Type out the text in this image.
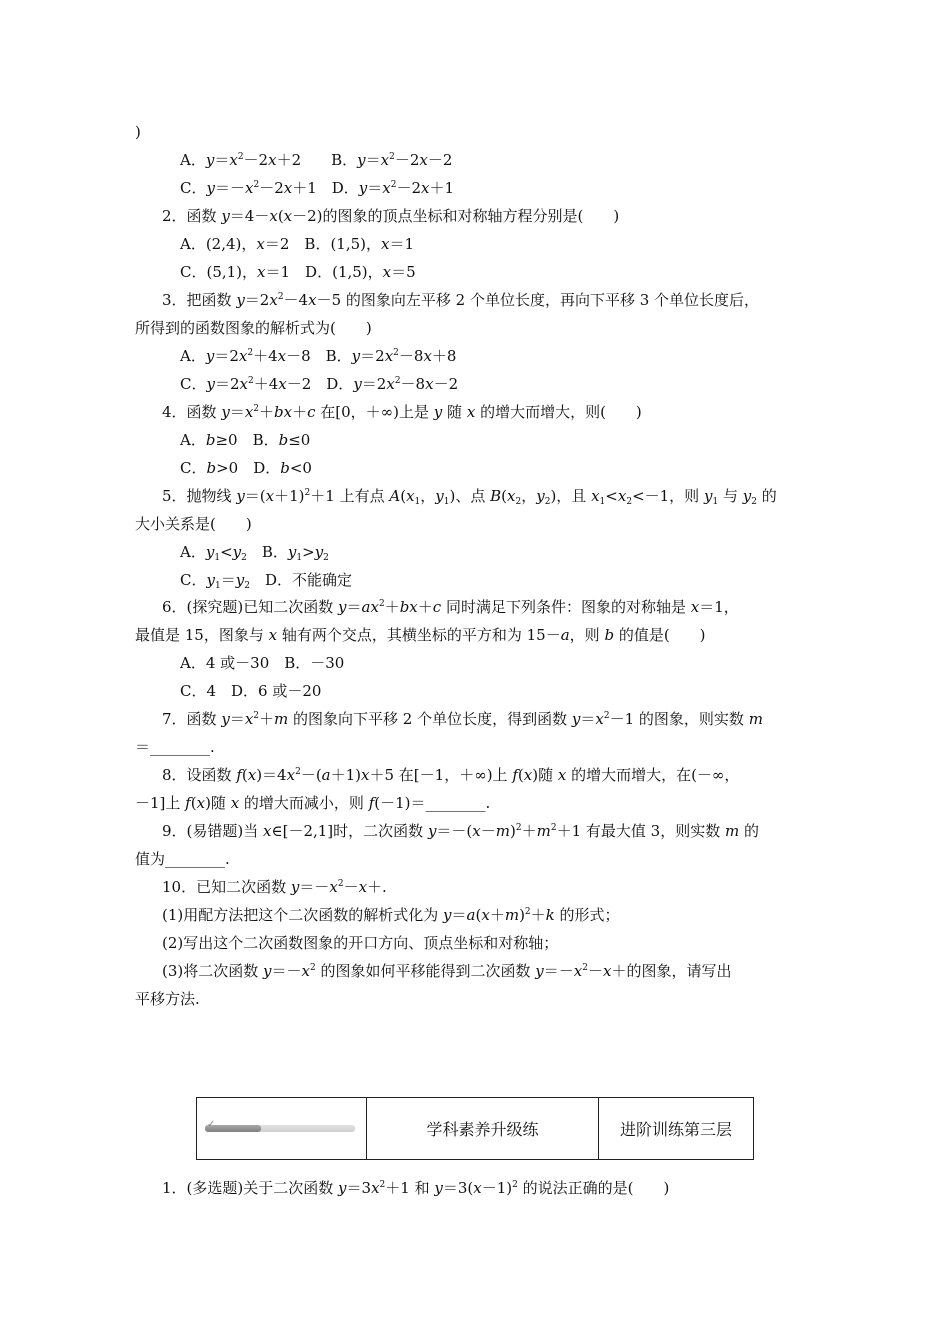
)
A．$y=x^2-2x+2$　　B．$y=x^2-2x-2$
C．$y=-x^2-2x+1$　D．$y=x^2-2x+1$
2．函数 y＝4－x(x－2)的图象的顶点坐标和对称轴方程分别是(　　)
A．(2,4)，x＝2　B．(1,5)，x＝1
C．(5,1)，x＝1　D．(1,5)，x＝5
3．把函数 $y=2x^2-4x-5$ 的图象向左平移 2 个单位长度，再向下平移 3 个单位长度后，
所得到的函数图象的解析式为(　　)
A．$y=2x^2+4x-8$　B．$y=2x^2-8x+8$
C．$y=2x^2+4x-2$　D．$y=2x^2-8x-2$
4．函数 $y=x^2+bx+c$ 在[0，＋∞)上是 y 随 x 的增大而增大，则(　　)
A．b≥0　B．b≤0
C．b>0　D．b<0
5．抛物线 $y=(x+1)^2+1$ 上有点 $A(x_1$，$y_1$)、点 $B(x_2$，$y_2$)，且 $x_1<x_2<-1$，则 $y_1$ 与 $y_2$ 的
大小关系是(　　)
A．$y_1<y_2$　B．$y_1>y_2$
C．$y_1=y_2$　D．不能确定
6．(探究题)已知二次函数 $y=ax^2+bx+c$ 同时满足下列条件：图象的对称轴是 x＝1，
最值是 15，图象与 x 轴有两个交点，其横坐标的平方和为 15－a，则 b 的值是(　　)
A．4 或－30　B．－30
C．4　D．6 或－20
7．函数 $y=x^2+m$ 的图象向下平移 2 个单位长度，得到函数 $y=x^2-1$ 的图象，则实数 m
＝________.
8．设函数 $f(x)=4x^2-(a+1)x+5$ 在[－1，＋∞)上 f(x)随 x 的增大而增大，在(－∞，
－1]上 f(x)随 x 的增大而减小，则 f(－1)＝________.
9．(易错题)当 x∈[－2,1]时，二次函数 $y=-(x-m)^2+m^2+1$ 有最大值 3，则实数 m 的
值为________.
10．已知二次函数 $y=-x^2-x+$.
(1)用配方法把这个二次函数的解析式化为 $y=a(x+m)^2+k$ 的形式；
(2)写出这个二次函数图象的开口方向、顶点坐标和对称轴；
(3)将二次函数 $y=-x^2$ 的图象如何平移能得到二次函数 $y=-x^2-x+$的图象，请写出
平移方法.
1．(多选题)关于二次函数 $y=3x^2+1$ 和 $y=3(x-1)^2$ 的说法正确的是(　　)
✓	学科素养升级练	进阶训练第三层
